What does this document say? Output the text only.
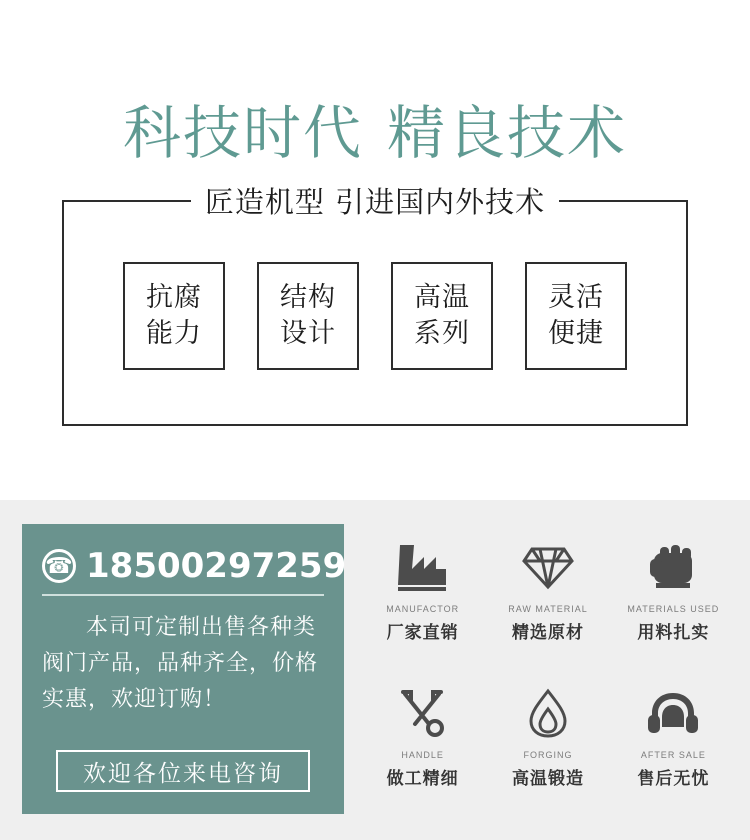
科技时代 精良技术
匠造机型 引进国内外技术
抗腐
能力
结构
设计
高温
系列
灵活
便捷
☎
18500297259
本司可定制出售各种类阀门产品，品种齐全，价格实惠，欢迎订购！
欢迎各位来电咨询
MANUFACTOR
厂家直销
RAW MATERIAL
精选原材
MATERIALS USED
用料扎实
HANDLE
做工精细
FORGING
高温锻造
AFTER SALE
售后无忧
